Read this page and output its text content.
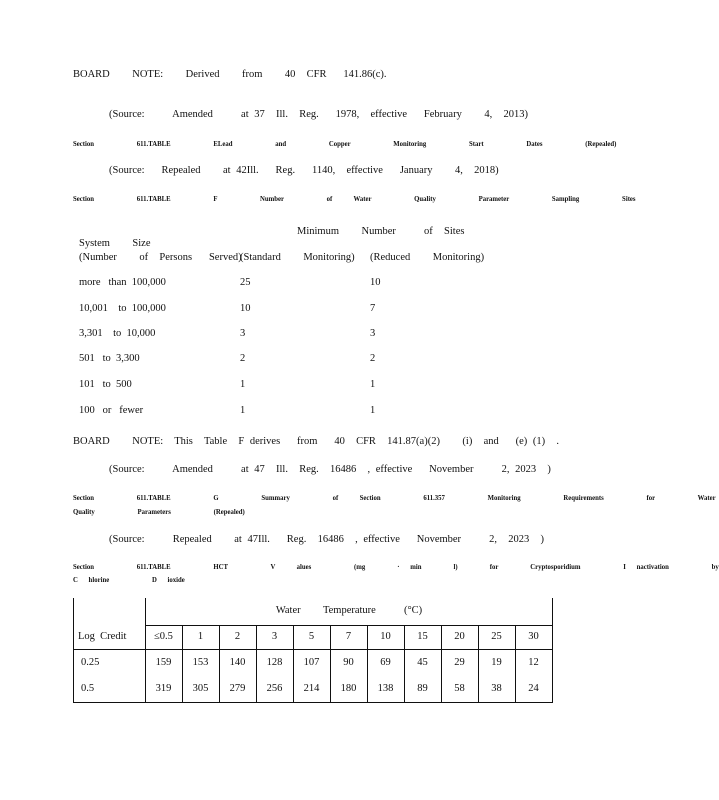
BOARD    NOTE:    Derived    from    40  CFR   141.86(c).
(Source:     Amended     at 37  Ill.  Reg.   1978,  effective   February    4,  2013)
Section    611.TABLE    ELead    and    Copper    Monitoring    Start    Dates    (Repealed)
(Source:   Repealed    at 42Ill.   Reg.   1140,  effective   January    4,  2018)
Section    611.TABLE    F    Number    of  Water    Quality    Parameter    Sampling    Sites
Minimum    Number     of  Sites
System    Size
(Number    of  Persons   Served)
(Standard    Monitoring) (Reduced    Monitoring)
more   than  100,000	25	10
10,001    to  100,000	10	7
3,301    to  10,000	3	3
501   to  3,300	2	2
101   to  500	1	1
100   or   fewer	1	1
BOARD    NOTE:  This  Table  F derives   from   40  CFR  141.87(a)(2)    (i)  and   (e) (1)  .
(Source:     Amended     at 47  Ill.  Reg.  16486  , effective   November     2, 2023  )
Section    611.TABLE    G    Summary    of  Section    611.357    Monitoring    Requirements    for    Water
Quality    Parameters    (Repealed)
(Source:     Repealed    at 47Ill.   Reg.  16486  , effective   November     2,  2023  )
Section    611.TABLE    HCT    V  alues    (mg   · min   l)   for   Cryptosporidium    I nactivation    by
C hlorine    D ioxide
Water    Temperature     (°C)
Log  Credit	≤0.5	1	2	3	5	7	10	15	20	25	30
0.25	159	153	140	128	107	90	69	45	29	19	12
0.5	319	305	279	256	214	180	138	89	58	38	24
